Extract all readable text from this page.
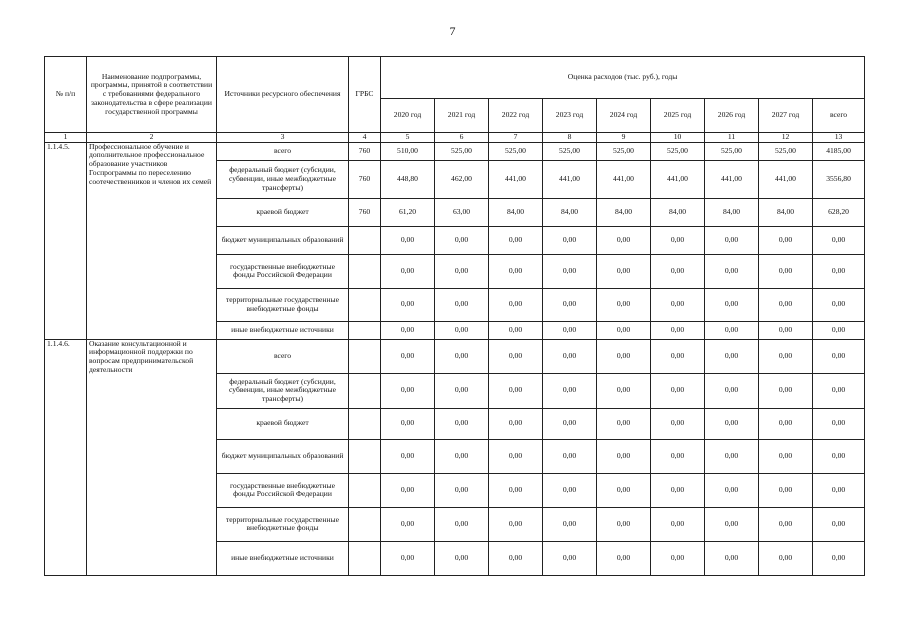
7
№ п/п	Наименование подпрограммы, программы, принятой в соответствии с требованиями федерального законодательства в сфере реализации государственной программы	Источники ресурсного обеспечения	ГРБС	Оценка расходов (тыс. руб.), годы								
				2020 год	2021 год	2022 год	2023 год	2024 год	2025 год	2026 год	2027 год	всего
1	2	3	4	5	6	7	8	9	10	11	12	13
1.1.4.5.	Профессиональное обучение и дополнительное профессиональное образование участников Госпрограммы по переселению соотечественников и членов их семей	всего	760	510,00	525,00	525,00	525,00	525,00	525,00	525,00	525,00	4185,00
		федеральный бюджет (субсидии, субвенции, иные межбюджетные трансферты)	760	448,80	462,00	441,00	441,00	441,00	441,00	441,00	441,00	3556,80
		краевой бюджет	760	61,20	63,00	84,00	84,00	84,00	84,00	84,00	84,00	628,20
		бюджет муниципальных образований		0,00	0,00	0,00	0,00	0,00	0,00	0,00	0,00	0,00
		государственные внебюджетные фонды Российской Федерации		0,00	0,00	0,00	0,00	0,00	0,00	0,00	0,00	0,00
		территориальные государственные внебюджетные фонды		0,00	0,00	0,00	0,00	0,00	0,00	0,00	0,00	0,00
		иные внебюджетные источники		0,00	0,00	0,00	0,00	0,00	0,00	0,00	0,00	0,00
1.1.4.6.	Оказание консультационной и информационной поддержки по вопросам предпринимательской деятельности	всего		0,00	0,00	0,00	0,00	0,00	0,00	0,00	0,00	0,00
		федеральный бюджет (субсидии, субвенции, иные межбюджетные трансферты)		0,00	0,00	0,00	0,00	0,00	0,00	0,00	0,00	0,00
		краевой бюджет		0,00	0,00	0,00	0,00	0,00	0,00	0,00	0,00	0,00
		бюджет муниципальных образований		0,00	0,00	0,00	0,00	0,00	0,00	0,00	0,00	0,00
		государственные внебюджетные фонды Российской Федерации		0,00	0,00	0,00	0,00	0,00	0,00	0,00	0,00	0,00
		территориальные государственные внебюджетные фонды		0,00	0,00	0,00	0,00	0,00	0,00	0,00	0,00	0,00
		иные внебюджетные источники		0,00	0,00	0,00	0,00	0,00	0,00	0,00	0,00	0,00
